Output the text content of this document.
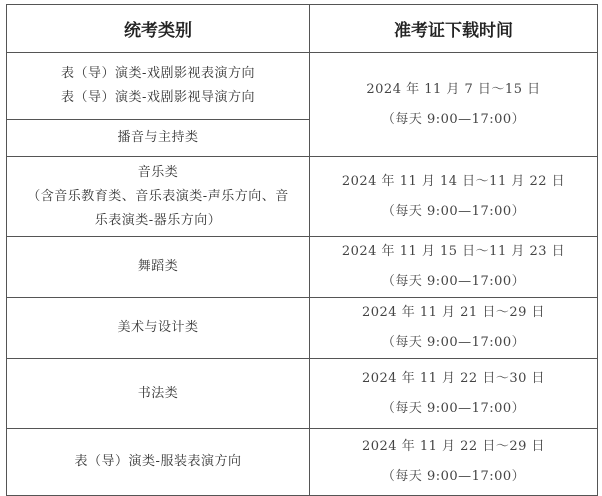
统考类别	准考证下载时间

表（导）演类-戏剧影视表演方向
表（导）演类-戏剧影视导演方向	2024 年 11 月 7 日～15 日
（每天 9:00—17:00）

播音与主持类	

音乐类
（含音乐教育类、音乐表演类-声乐方向、音
乐表演类-器乐方向）	2024 年 11 月 14 日～11 月 22 日
（每天 9:00—17:00）

舞蹈类	2024 年 11 月 15 日～11 月 23 日
（每天 9:00—17:00）

美术与设计类	2024 年 11 月 21 日～29 日
（每天 9:00—17:00）

书法类	2024 年 11 月 22 日～30 日
（每天 9:00—17:00）

表（导）演类-服装表演方向	2024 年 11 月 22 日～29 日
（每天 9:00—17:00）
